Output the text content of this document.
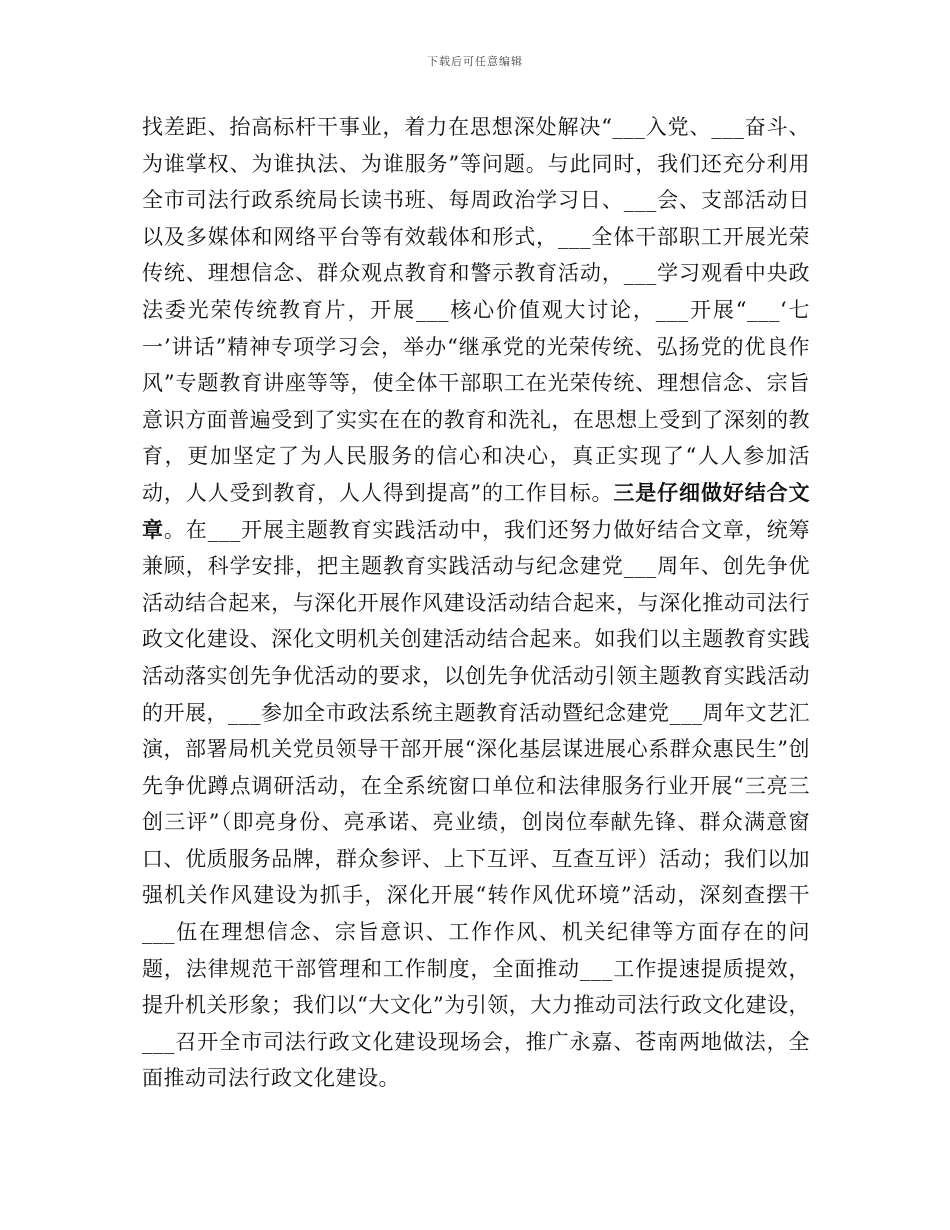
下载后可任意编辑
找差距、抬高标杆干事业，着力在思想深处解决“___入党、___奋斗、为谁掌权、为谁执法、为谁服务”等问题。与此同时，我们还充分利用全市司法行政系统局长读书班、每周政治学习日、___会、支部活动日以及多媒体和网络平台等有效载体和形式，___全体干部职工开展光荣传统、理想信念、群众观点教育和警示教育活动，___学习观看中央政法委光荣传统教育片，开展___核心价值观大讨论，___开展“___‘七一’讲话”精神专项学习会，举办“继承党的光荣传统、弘扬党的优良作风”专题教育讲座等等，使全体干部职工在光荣传统、理想信念、宗旨意识方面普遍受到了实实在在的教育和洗礼，在思想上受到了深刻的教育，更加坚定了为人民服务的信心和决心，真正实现了“人人参加活动，人人受到教育，人人得到提高”的工作目标。三是仔细做好结合文章。在___开展主题教育实践活动中，我们还努力做好结合文章，统筹兼顾，科学安排，把主题教育实践活动与纪念建党___周年、创先争优活动结合起来，与深化开展作风建设活动结合起来，与深化推动司法行政文化建设、深化文明机关创建活动结合起来。如我们以主题教育实践活动落实创先争优活动的要求，以创先争优活动引领主题教育实践活动的开展，___参加全市政法系统主题教育活动暨纪念建党___周年文艺汇演，部署局机关党员领导干部开展“深化基层谋进展心系群众惠民生”创先争优蹲点调研活动，在全系统窗口单位和法律服务行业开展“三亮三创三评”（即亮身份、亮承诺、亮业绩，创岗位奉献先锋、群众满意窗口、优质服务品牌，群众参评、上下互评、互查互评）活动；我们以加强机关作风建设为抓手，深化开展“转作风优环境”活动，深刻查摆干___伍在理想信念、宗旨意识、工作作风、机关纪律等方面存在的问题，法律规范干部管理和工作制度，全面推动___工作提速提质提效，提升机关形象；我们以“大文化”为引领，大力推动司法行政文化建设，___召开全市司法行政文化建设现场会，推广永嘉、苍南两地做法，全面推动司法行政文化建设。
